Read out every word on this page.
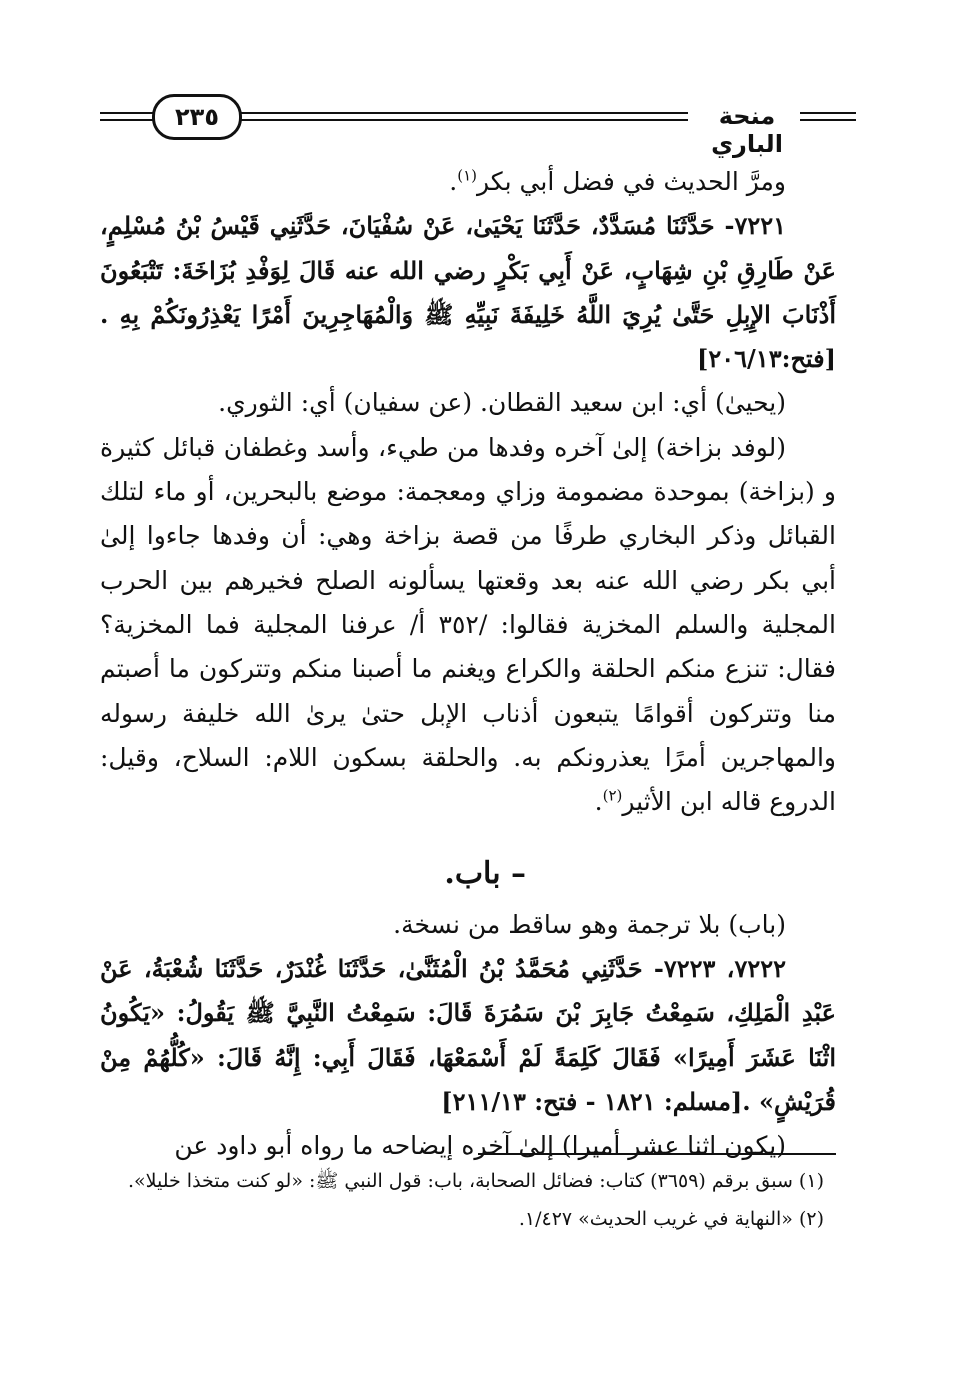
٢٣٥	منحة الباري

ومرَّ الحديث في فضل أبي بكر$^{(١)}$.

٧٢٢١- حَدَّثَنَا مُسَدَّدٌ، حَدَّثَنَا يَحْيَىٰ، عَنْ سُفْيَانَ، حَدَّثَنِي قَيْسُ بْنُ مُسْلِمٍ، عَنْ طَارِقِ بْنِ شِهَابٍ، عَنْ أَبِي بَكْرٍ رضي الله عنه قَالَ لِوَفْدِ بُزَاخَةَ: تَتْبَعُونَ أَذْنَابَ الإِبِلِ حَتَّىٰ يُرِيَ اللَّهُ خَلِيفَةَ نَبِيِّهِ ﷺ وَالْمُهَاجِرِينَ أَمْرًا يَعْذِرُونَكُمْ بِهِ .[فتح:٢٠٦/١٣]

(يحيىٰ) أي: ابن سعيد القطان. (عن سفيان) أي: الثوري.

(لوفد بزاخة) إلىٰ آخره وفدها من طيء، وأسد وغطفان قبائل كثيرة و (بزاخة) بموحدة مضمومة وزاي ومعجمة: موضع بالبحرين، أو ماء لتلك القبائل وذكر البخاري طرفًا من قصة بزاخة وهي: أن وفدها جاءوا إلىٰ أبي بكر رضي الله عنه بعد وقعتها يسألونه الصلح فخيرهم بين الحرب المجلية والسلم المخزية فقالوا: /٣٥٢ أ/ عرفنا المجلية فما المخزية؟ فقال: تنزع منكم الحلقة والكراع ويغنم ما أصبنا منكم وتتركون ما أصبتم منا وتتركون أقوامًا يتبعون أذناب الإبل حتىٰ يرىٰ الله خليفة رسوله والمهاجرين أمرًا يعذرونكم به. والحلقة بسكون اللام: السلاح، وقيل: الدروع قاله ابن الأثير$^{(٢)}$.

– باب.

(باب) بلا ترجمة وهو ساقط من نسخة.

٧٢٢٢، ٧٢٢٣- حَدَّثَنِي مُحَمَّدُ بْنُ الْمُثَنَّىٰ، حَدَّثَنَا غُنْدَرٌ، حَدَّثَنَا شُعْبَةُ، عَنْ عَبْدِ الْمَلِكِ، سَمِعْتُ جَابِرَ بْنَ سَمُرَةَ قَالَ: سَمِعْتُ النَّبِيَّ ﷺ يَقُولُ: «يَكُونُ اثْنَا عَشَرَ أَمِيرًا» فَقَالَ كَلِمَةً لَمْ أَسْمَعْهَا، فَقَالَ أَبِي: إِنَّهُ قَالَ: «كُلُّهُمْ مِنْ قُرَيْشٍ» .[مسلم: ١٨٢١ - فتح: ٢١١/١٣]

(يكون اثنا عشر أميرا) إلىٰ آخره إيضاحه ما رواه أبو داود عن

(١) سبق برقم (٣٦٥٩) كتاب: فضائل الصحابة، باب: قول النبي ﷺ: «لو كنت متخذا خليلا».

(٢) «النهاية في غريب الحديث» ١/٤٢٧.
